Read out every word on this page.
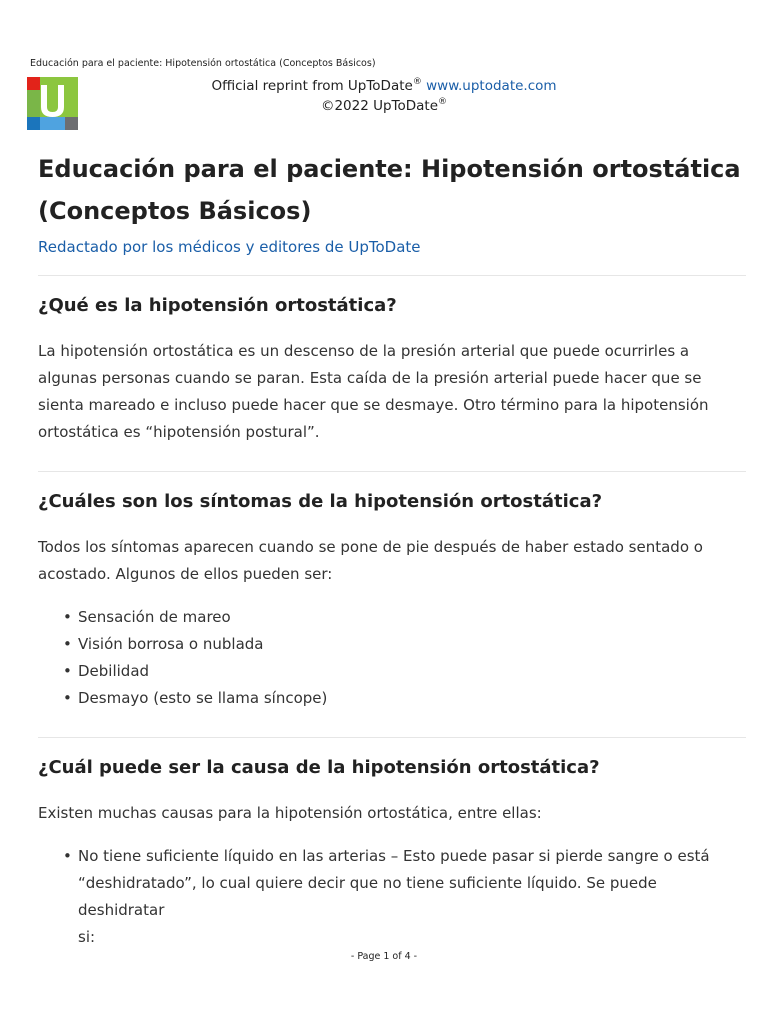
Educación para el paciente: Hipotensión ortostática (Conceptos Básicos)
Official reprint from UpToDate® www.uptodate.com
©2022 UpToDate®
Educación para el paciente: Hipotensión ortostática
(Conceptos Básicos)
Redactado por los médicos y editores de UpToDate
¿Qué es la hipotensión ortostática?

La hipotensión ortostática es un descenso de la presión arterial que puede ocurrirles a
algunas personas cuando se paran. Esta caída de la presión arterial puede hacer que se
sienta mareado e incluso puede hacer que se desmaye. Otro término para la hipotensión
ortostática es “hipotensión postural”.

¿Cuáles son los síntomas de la hipotensión ortostática?

Todos los síntomas aparecen cuando se pone de pie después de haber estado sentado o
acostado. Algunos de ellos pueden ser:

• Sensación de mareo
• Visión borrosa o nublada
• Debilidad
• Desmayo (esto se llama síncope)
¿Cuál puede ser la causa de la hipotensión ortostática?

Existen muchas causas para la hipotensión ortostática, entre ellas:

• No tiene suficiente líquido en las arterias – Esto puede pasar si pierde sangre o está
“deshidratado”, lo cual quiere decir que no tiene suficiente líquido. Se puede deshidratar
si:
- Page 1 of 4 -
